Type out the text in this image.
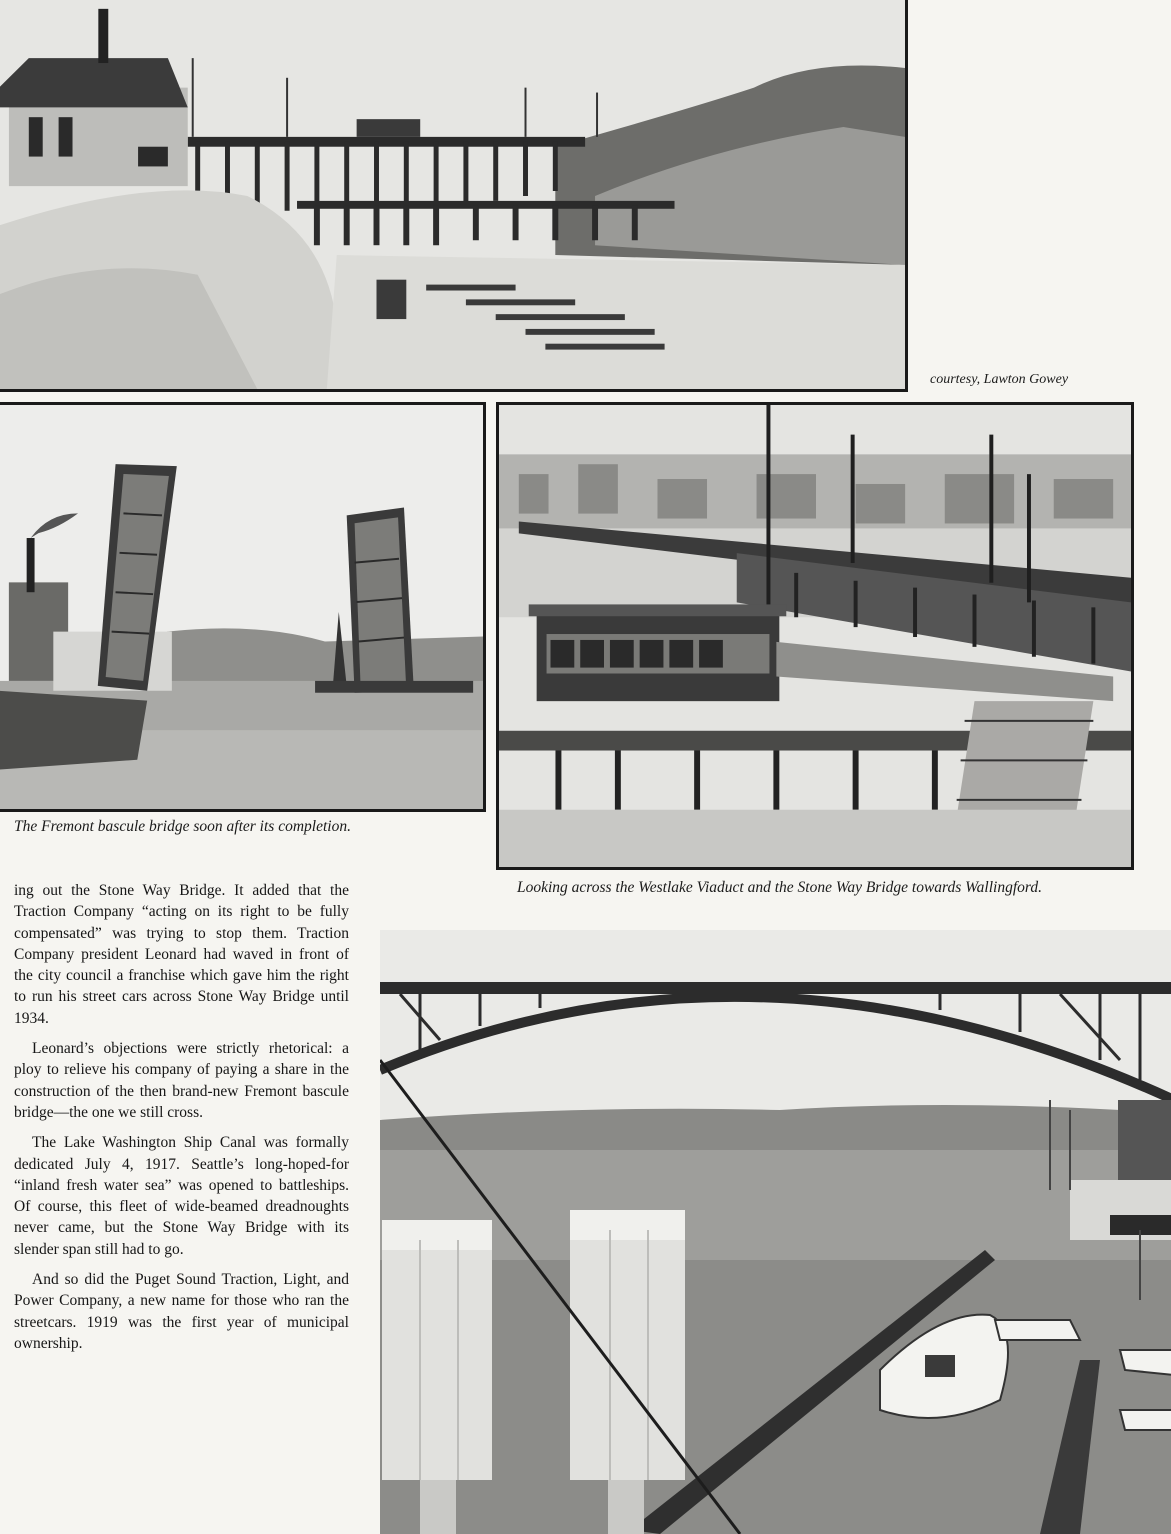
courtesy, Lawton Gowey

The Fremont bascule bridge soon after its completion.

Looking across the Westlake Viaduct and the Stone Way Bridge towards Wallingford.

ing out the Stone Way Bridge. It added that the Traction Company “acting on its right to be fully compensated” was trying to stop them. Traction Company president Leonard had waved in front of the city council a franchise which gave him the right to run his street cars across Stone Way Bridge until 1934.

Leonard’s objections were strictly rhetorical: a ploy to relieve his company of paying a share in the construction of the then brand-new Fremont bascule bridge—the one we still cross.

The Lake Washington Ship Canal was formally dedicated July 4, 1917. Seattle’s long-hoped-for “inland fresh water sea” was opened to battleships. Of course, this fleet of wide-beamed dreadnoughts never came, but the Stone Way Bridge with its slender span still had to go.

And so did the Puget Sound Traction, Light, and Power Company, a new name for those who ran the streetcars. 1919 was the first year of municipal ownership.
